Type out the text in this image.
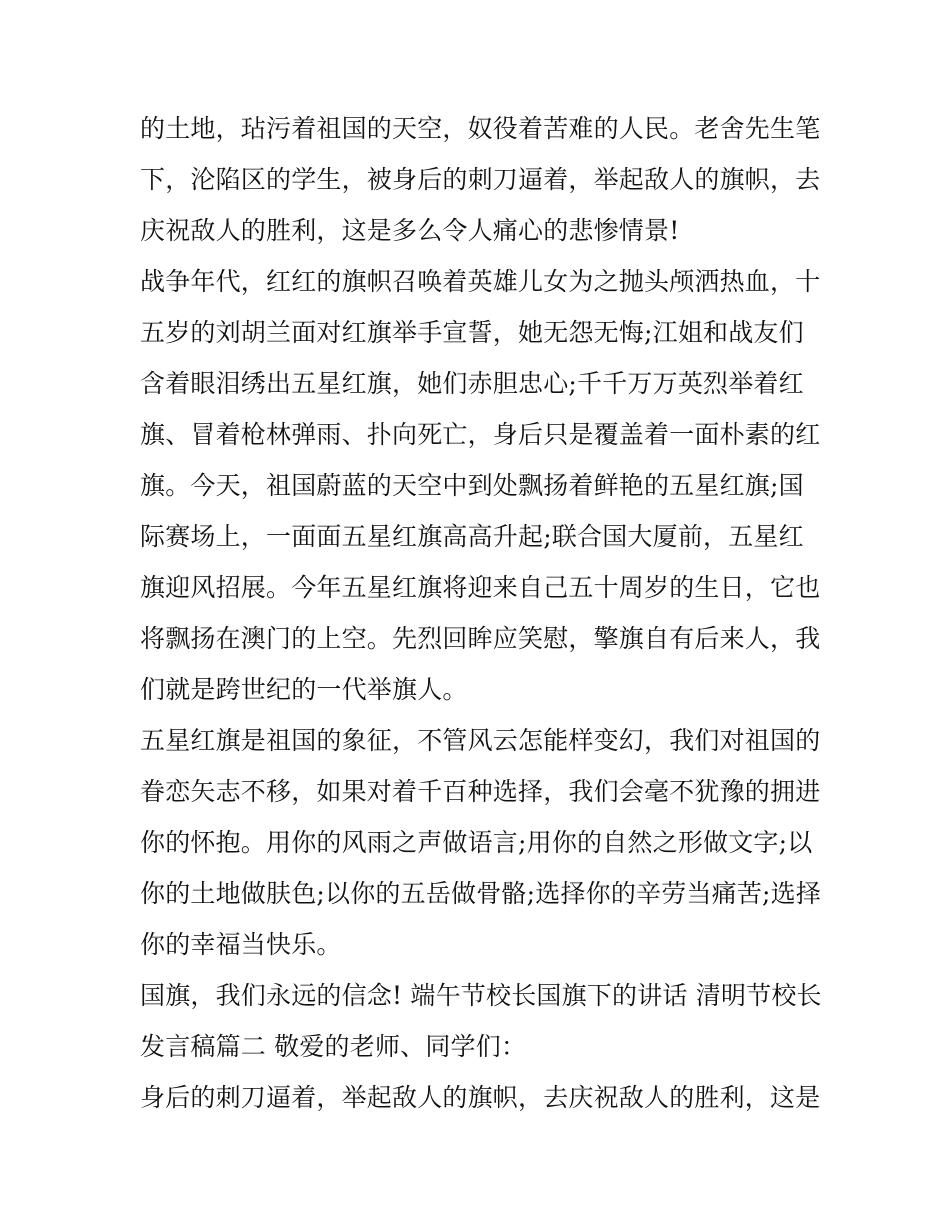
的土地，玷污着祖国的天空，奴役着苦难的人民。老舍先生笔
下，沦陷区的学生，被身后的刺刀逼着，举起敌人的旗帜，去
庆祝敌人的胜利，这是多么令人痛心的悲惨情景!
战争年代，红红的旗帜召唤着英雄儿女为之抛头颅洒热血，十
五岁的刘胡兰面对红旗举手宣誓，她无怨无悔;江姐和战友们
含着眼泪绣出五星红旗，她们赤胆忠心;千千万万英烈举着红
旗、冒着枪林弹雨、扑向死亡，身后只是覆盖着一面朴素的红
旗。今天，祖国蔚蓝的天空中到处飘扬着鲜艳的五星红旗;国
际赛场上，一面面五星红旗高高升起;联合国大厦前，五星红
旗迎风招展。今年五星红旗将迎来自己五十周岁的生日，它也
将飘扬在澳门的上空。先烈回眸应笑慰，擎旗自有后来人，我
们就是跨世纪的一代举旗人。
五星红旗是祖国的象征，不管风云怎能样变幻，我们对祖国的
眷恋矢志不移，如果对着千百种选择，我们会毫不犹豫的拥进
你的怀抱。用你的风雨之声做语言;用你的自然之形做文字;以
你的土地做肤色;以你的五岳做骨骼;选择你的辛劳当痛苦;选择
你的幸福当快乐。
国旗，我们永远的信念! 端午节校长国旗下的讲话 清明节校长
发言稿篇二 敬爱的老师、同学们：
身后的刺刀逼着，举起敌人的旗帜，去庆祝敌人的胜利，这是
